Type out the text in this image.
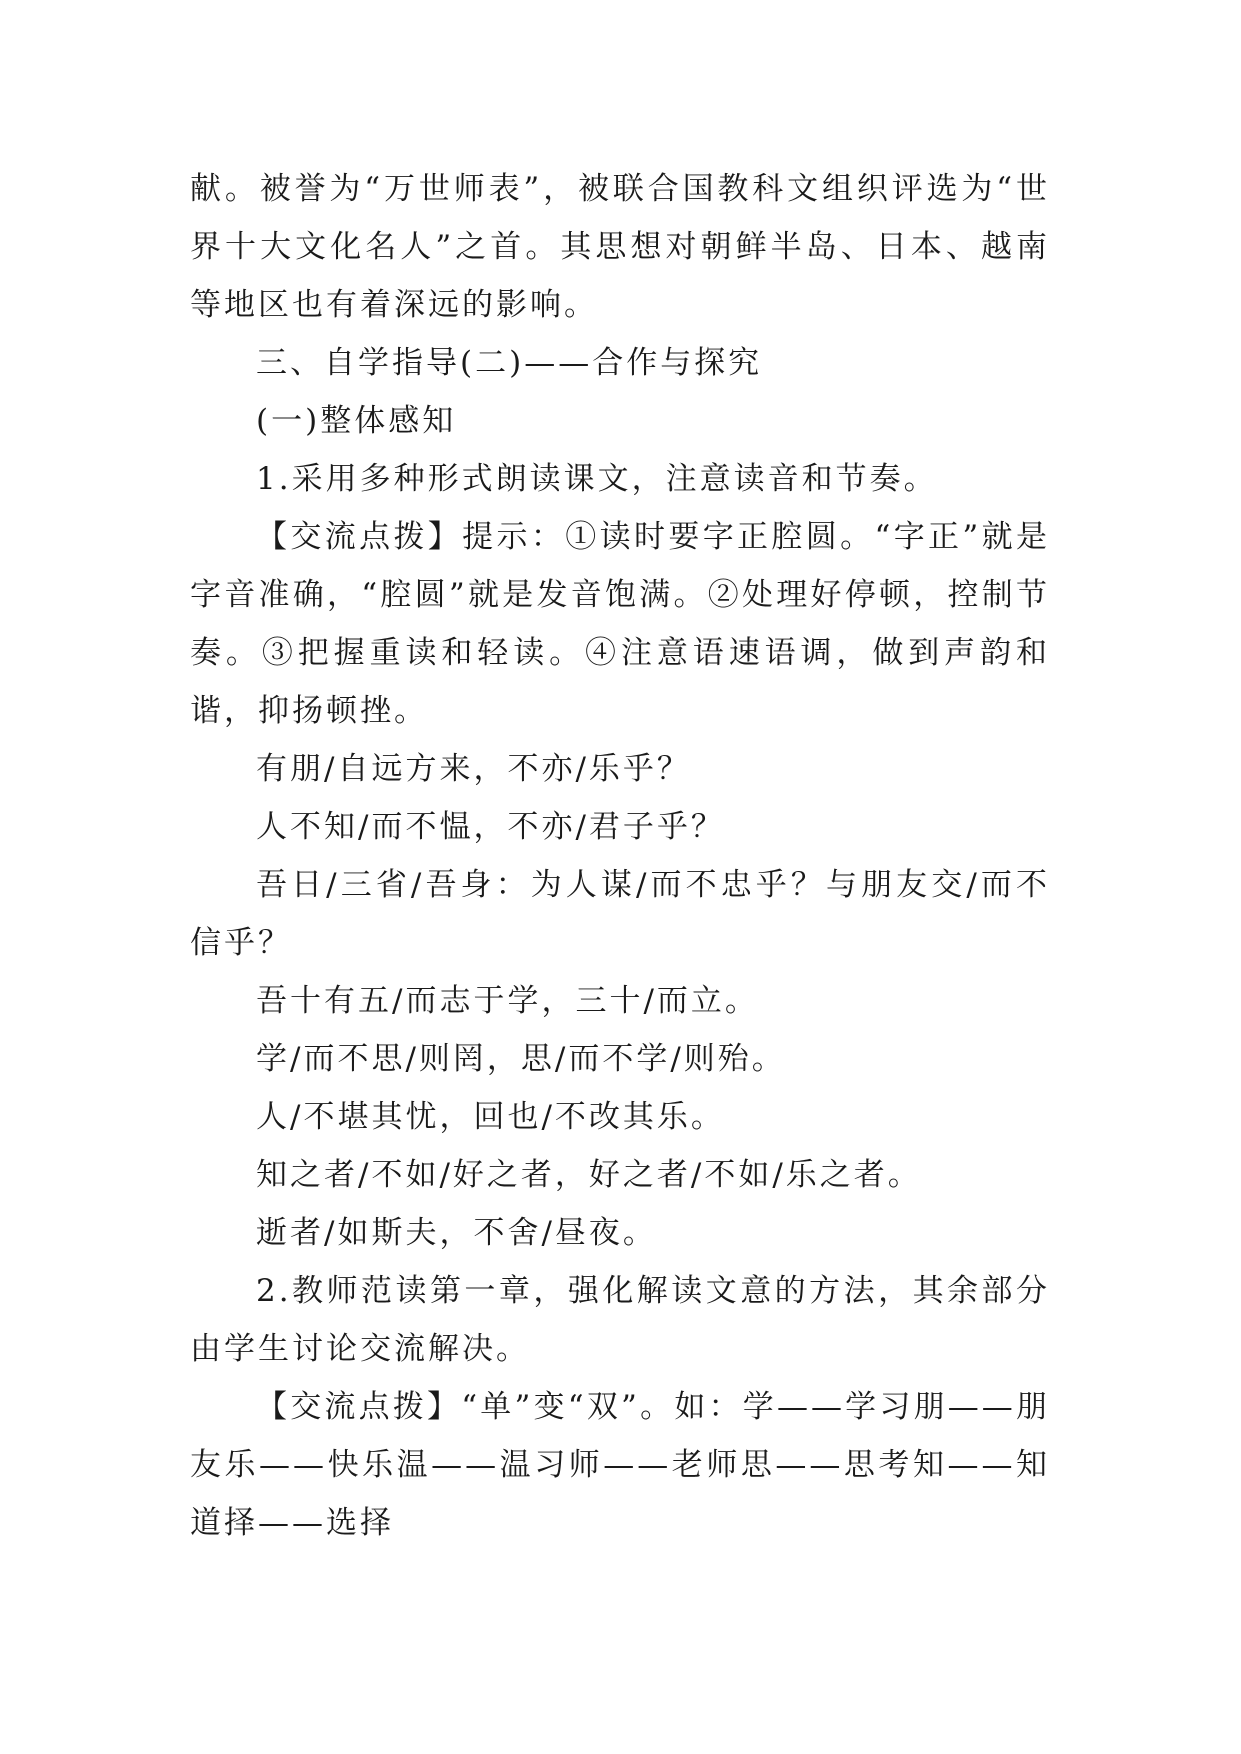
献。被誉为“万世师表”，被联合国教科文组织评选为“世界十大文化名人”之首。其思想对朝鲜半岛、日本、越南等地区也有着深远的影响。

三、自学指导(二)——合作与探究

(一)整体感知

1.采用多种形式朗读课文，注意读音和节奏。

【交流点拨】提示：①读时要字正腔圆。“字正”就是字音准确，“腔圆”就是发音饱满。②处理好停顿，控制节奏。③把握重读和轻读。④注意语速语调，做到声韵和谐，抑扬顿挫。

有朋/自远方来，不亦/乐乎？

人不知/而不愠，不亦/君子乎？

吾日/三省/吾身：为人谋/而不忠乎？与朋友交/而不信乎？

吾十有五/而志于学，三十/而立。

学/而不思/则罔，思/而不学/则殆。

人/不堪其忧，回也/不改其乐。

知之者/不如/好之者，好之者/不如/乐之者。

逝者/如斯夫，不舍/昼夜。

2.教师范读第一章，强化解读文意的方法，其余部分由学生讨论交流解决。

【交流点拨】“单”变“双”。如：学——学习朋——朋友乐——快乐温——温习师——老师思——思考知——知道择——选择
